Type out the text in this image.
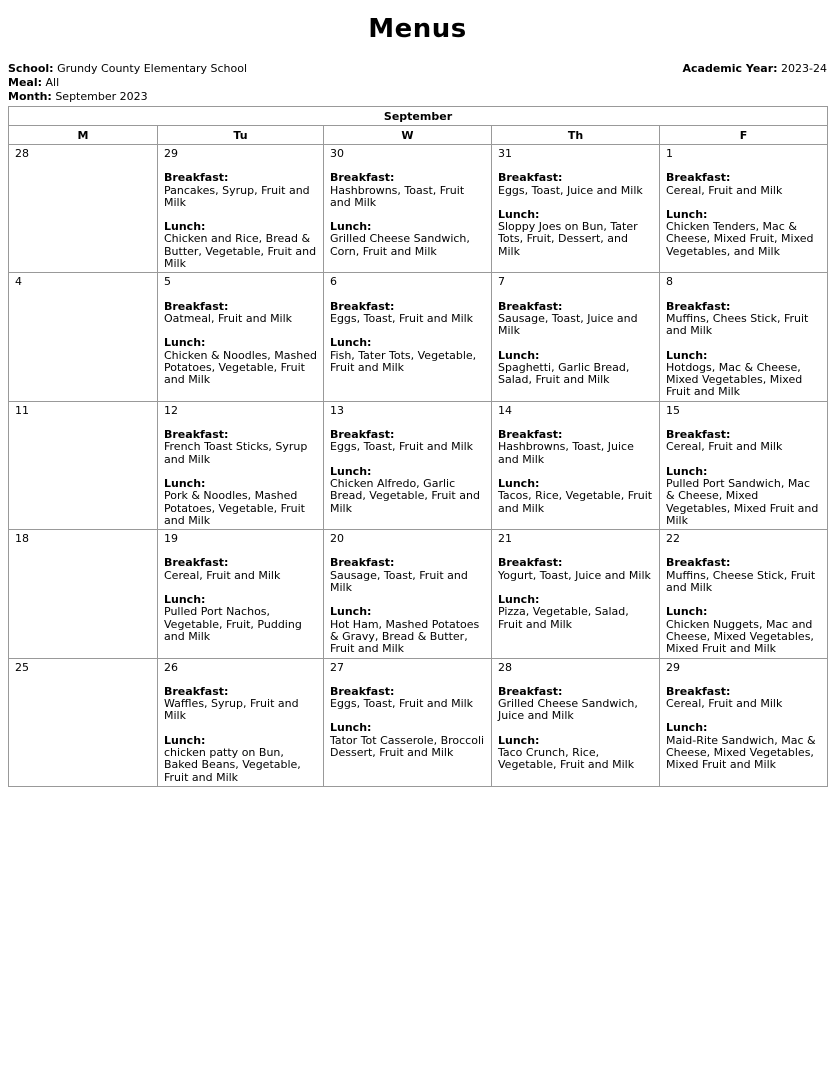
Menus
School: Grundy County Elementary School
Meal: All
Month: September 2023
Academic Year: 2023-24
September				
M	Tu	W	Th	F

28	29
Breakfast:
Pancakes, Syrup, Fruit and Milk
Lunch:
Chicken and Rice, Bread & Butter, Vegetable, Fruit and Milk	30
Breakfast:
Hashbrowns, Toast, Fruit and Milk
Lunch:
Grilled Cheese Sandwich, Corn, Fruit and Milk	31
Breakfast:
Eggs, Toast, Juice and Milk
Lunch:
Sloppy Joes on Bun, Tater Tots, Fruit, Dessert, and Milk	1
Breakfast:
Cereal, Fruit and Milk
Lunch:
Chicken Tenders, Mac & Cheese, Mixed Fruit, Mixed Vegetables, and Milk

4	5
Breakfast:
Oatmeal, Fruit and Milk
Lunch:
Chicken & Noodles, Mashed Potatoes, Vegetable, Fruit and Milk	6
Breakfast:
Eggs, Toast, Fruit and Milk
Lunch:
Fish, Tater Tots, Vegetable, Fruit and Milk	7
Breakfast:
Sausage, Toast, Juice and Milk
Lunch:
Spaghetti, Garlic Bread, Salad, Fruit and Milk	8
Breakfast:
Muffins, Chees Stick, Fruit and Milk
Lunch:
Hotdogs, Mac & Cheese, Mixed Vegetables, Mixed Fruit and Milk

11	12
Breakfast:
French Toast Sticks, Syrup and Milk
Lunch:
Pork & Noodles, Mashed Potatoes, Vegetable, Fruit and Milk	13
Breakfast:
Eggs, Toast, Fruit and Milk
Lunch:
Chicken Alfredo, Garlic Bread, Vegetable, Fruit and Milk	14
Breakfast:
Hashbrowns, Toast, Juice and Milk
Lunch:
Tacos, Rice, Vegetable, Fruit and Milk	15
Breakfast:
Cereal, Fruit and Milk
Lunch:
Pulled Port Sandwich, Mac & Cheese, Mixed Vegetables, Mixed Fruit and Milk

18	19
Breakfast:
Cereal, Fruit and Milk
Lunch:
Pulled Port Nachos, Vegetable, Fruit, Pudding and Milk	20
Breakfast:
Sausage, Toast, Fruit and Milk
Lunch:
Hot Ham, Mashed Potatoes & Gravy, Bread & Butter, Fruit and Milk	21
Breakfast:
Yogurt, Toast, Juice and Milk
Lunch:
Pizza, Vegetable, Salad, Fruit and Milk	22
Breakfast:
Muffins, Cheese Stick, Fruit and Milk
Lunch:
Chicken Nuggets, Mac and Cheese, Mixed Vegetables, Mixed Fruit and Milk

25	26
Breakfast:
Waffles, Syrup, Fruit and Milk
Lunch:
chicken patty on Bun, Baked Beans, Vegetable, Fruit and Milk	27
Breakfast:
Eggs, Toast, Fruit and Milk
Lunch:
Tator Tot Casserole, Broccoli Dessert, Fruit and Milk	28
Breakfast:
Grilled Cheese Sandwich, Juice and Milk
Lunch:
Taco Crunch, Rice, Vegetable, Fruit and Milk	29
Breakfast:
Cereal, Fruit and Milk
Lunch:
Maid-Rite Sandwich, Mac & Cheese, Mixed Vegetables, Mixed Fruit and Milk
